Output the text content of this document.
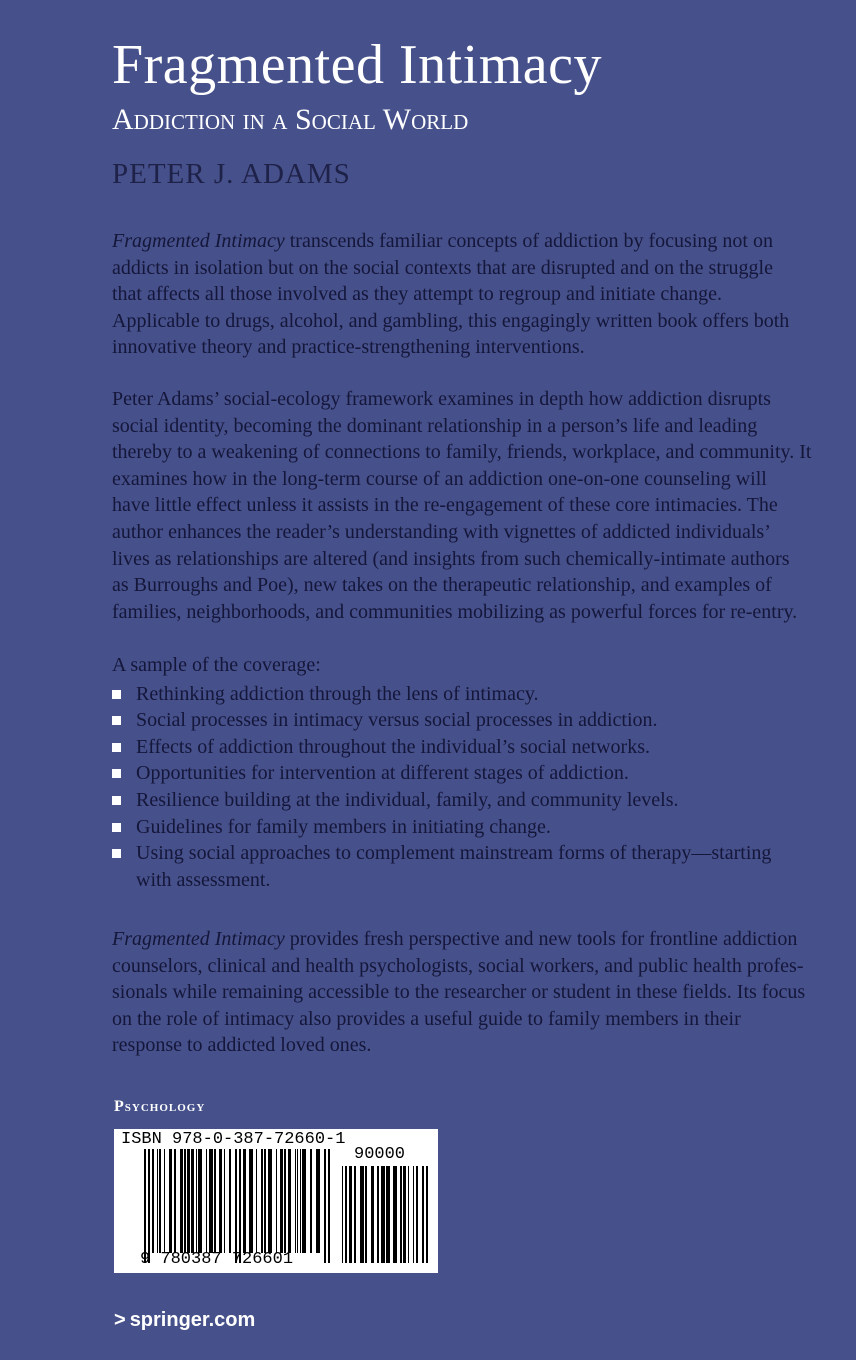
Fragmented Intimacy
Addiction in a Social World
PETER J. ADAMS
Fragmented Intimacy transcends familiar concepts of addiction by focusing not on
addicts in isolation but on the social contexts that are disrupted and on the struggle
that affects all those involved as they attempt to regroup and initiate change.
Applicable to drugs, alcohol, and gambling, this engagingly written book offers both
innovative theory and practice-strengthening interventions.
Peter Adams’ social-ecology framework examines in depth how addiction disrupts
social identity, becoming the dominant relationship in a person’s life and leading
thereby to a weakening of connections to family, friends, workplace, and community. It
examines how in the long-term course of an addiction one-on-one counseling will
have little effect unless it assists in the re-engagement of these core intimacies. The
author enhances the reader’s understanding with vignettes of addicted individuals’
lives as relationships are altered (and insights from such chemically-intimate authors
as Burroughs and Poe), new takes on the therapeutic relationship, and examples of
families, neighborhoods, and communities mobilizing as powerful forces for re-entry.
A sample of the coverage:
Rethinking addiction through the lens of intimacy.
Social processes in intimacy versus social processes in addiction.
Effects of addiction throughout the individual’s social networks.
Opportunities for intervention at different stages of addiction.
Resilience building at the individual, family, and community levels.
Guidelines for family members in initiating change.
Using social approaches to complement mainstream forms of therapy—starting
with assessment.
Fragmented Intimacy provides fresh perspective and new tools for frontline addiction
counselors, clinical and health psychologists, social workers, and public health profes-
sionals while remaining accessible to the researcher or student in these fields. Its focus
on the role of intimacy also provides a useful guide to family members in their
response to addicted loved ones.
Psychology
ISBN 978-0-387-72660-1
90000
9 780387 726601
> springer.com
